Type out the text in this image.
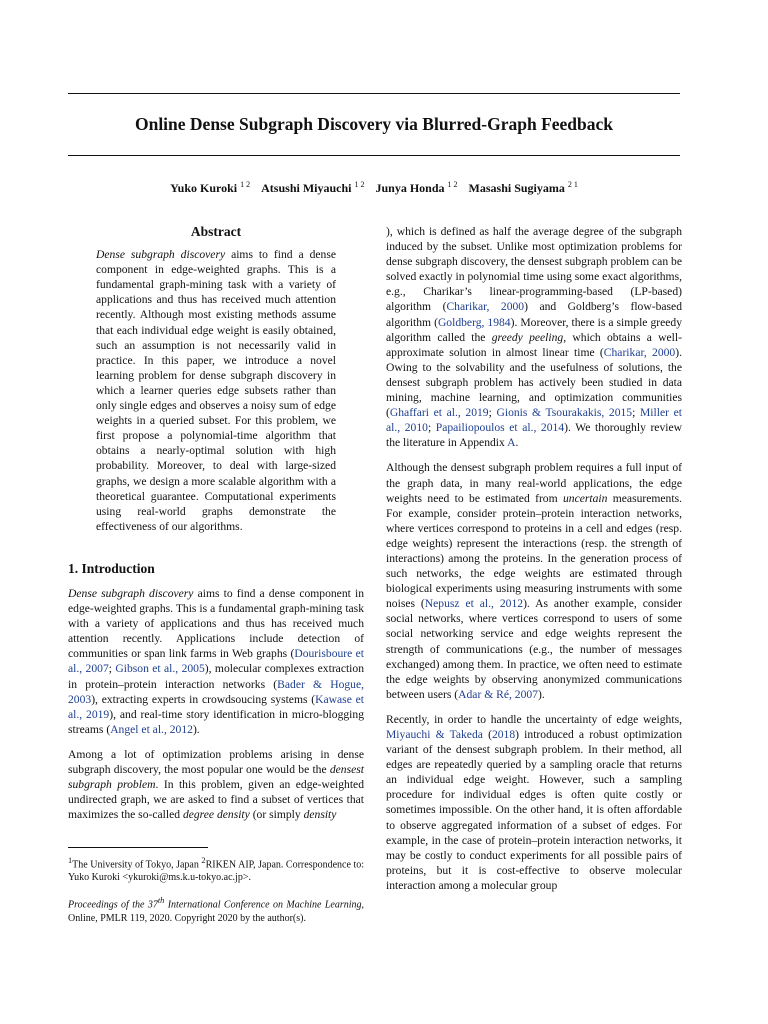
Online Dense Subgraph Discovery via Blurred-Graph Feedback
Yuko Kuroki $^{1 2}$ Atsushi Miyauchi $^{1 2}$ Junya Honda $^{1 2}$ Masashi Sugiyama $^{2 1}$
Abstract
Dense subgraph discovery aims to find a dense component in edge-weighted graphs. This is a fundamental graph-mining task with a variety of applications and thus has received much attention recently. Although most existing methods assume that each individual edge weight is easily obtained, such an assumption is not necessarily valid in practice. In this paper, we introduce a novel learning problem for dense subgraph discovery in which a learner queries edge subsets rather than only single edges and observes a noisy sum of edge weights in a queried subset. For this problem, we first propose a polynomial-time algorithm that obtains a nearly-optimal solution with high probability. Moreover, to deal with large-sized graphs, we design a more scalable algorithm with a theoretical guarantee. Computational experiments using real-world graphs demonstrate the effectiveness of our algorithms.
1. Introduction

Dense subgraph discovery aims to find a dense component in edge-weighted graphs. This is a fundamental graph-mining task with a variety of applications and thus has received much attention recently. Applications include detection of communities or span link farms in Web graphs (Dourisboure et al., 2007; Gibson et al., 2005), molecular complexes extraction in protein–protein interaction networks (Bader & Hogue, 2003), extracting experts in crowdsoucing systems (Kawase et al., 2019), and real-time story identification in micro-blogging streams (Angel et al., 2012).

Among a lot of optimization problems arising in dense subgraph discovery, the most popular one would be the densest subgraph problem. In this problem, given an edge-weighted undirected graph, we are asked to find a subset of vertices that maximizes the so-called degree density (or simply density

$^1$The University of Tokyo, Japan $^2$RIKEN AIP, Japan. Correspondence to: Yuko Kuroki <ykuroki@ms.k.u-tokyo.ac.jp>.
Proceedings of the 37th International Conference on Machine Learning, Online, PMLR 119, 2020. Copyright 2020 by the author(s).

), which is defined as half the average degree of the subgraph induced by the subset. Unlike most optimization problems for dense subgraph discovery, the densest subgraph problem can be solved exactly in polynomial time using some exact algorithms, e.g., Charikar’s linear-programming-based (LP-based) algorithm (Charikar, 2000) and Goldberg’s flow-based algorithm (Goldberg, 1984). Moreover, there is a simple greedy algorithm called the greedy peeling, which obtains a well-approximate solution in almost linear time (Charikar, 2000). Owing to the solvability and the usefulness of solutions, the densest subgraph problem has actively been studied in data mining, machine learning, and optimization communities (Ghaffari et al., 2019; Gionis & Tsourakakis, 2015; Miller et al., 2010; Papailiopoulos et al., 2014). We thoroughly review the literature in Appendix A.

Although the densest subgraph problem requires a full input of the graph data, in many real-world applications, the edge weights need to be estimated from uncertain measurements. For example, consider protein–protein interaction networks, where vertices correspond to proteins in a cell and edges (resp. edge weights) represent the interactions (resp. the strength of interactions) among the proteins. In the generation process of such networks, the edge weights are estimated through biological experiments using measuring instruments with some noises (Nepusz et al., 2012). As another example, consider social networks, where vertices correspond to users of some social networking service and edge weights represent the strength of communications (e.g., the number of messages exchanged) among them. In practice, we often need to estimate the edge weights by observing anonymized communications between users (Adar & Ré, 2007).

Recently, in order to handle the uncertainty of edge weights, Miyauchi & Takeda (2018) introduced a robust optimization variant of the densest subgraph problem. In their method, all edges are repeatedly queried by a sampling oracle that returns an individual edge weight. However, such a sampling procedure for individual edges is often quite costly or sometimes impossible. On the other hand, it is often affordable to observe aggregated information of a subset of edges. For example, in the case of protein–protein interaction networks, it may be costly to conduct experiments for all possible pairs of proteins, but it is cost-effective to observe molecular interaction among a molecular group
